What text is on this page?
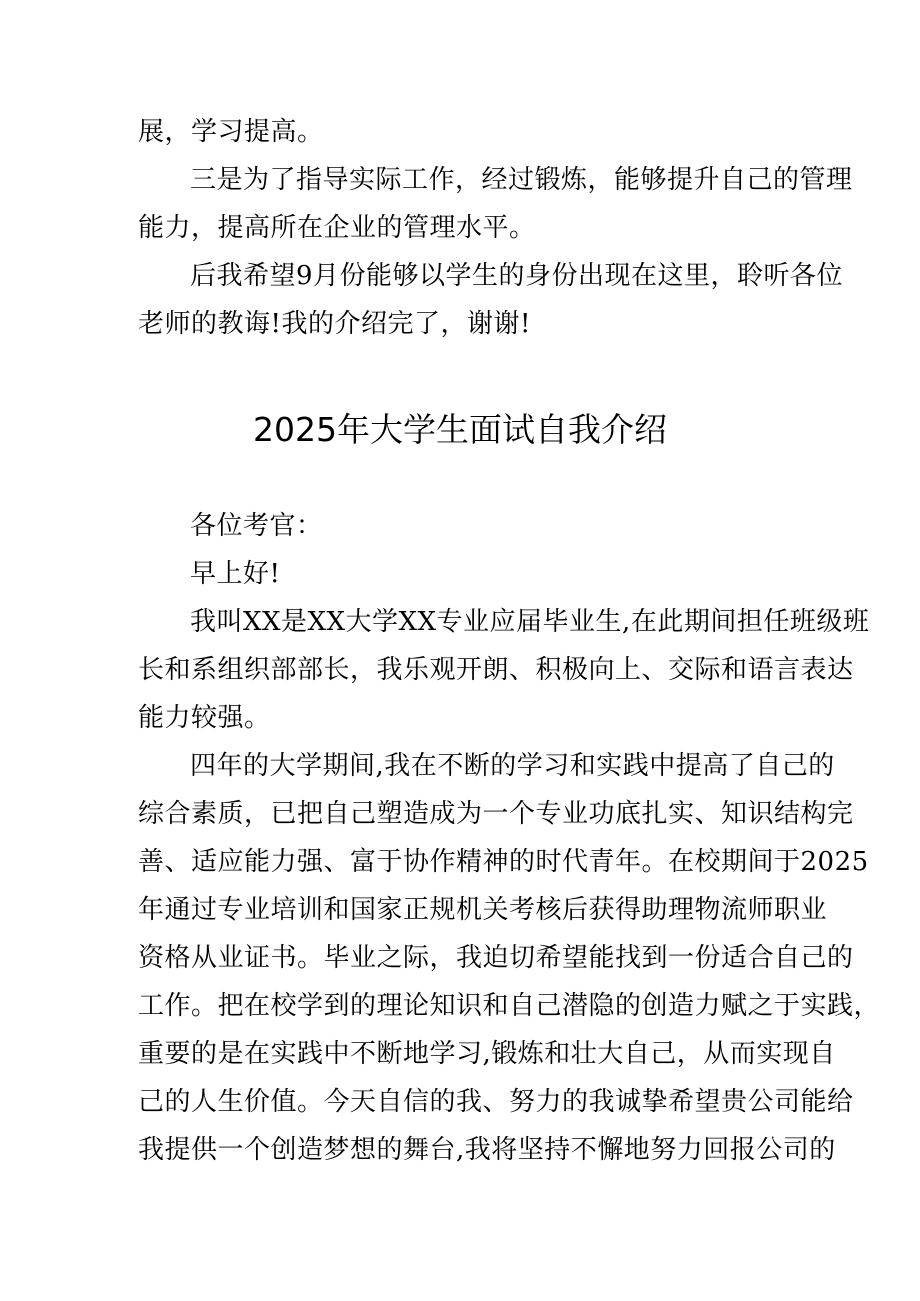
展，学习提高。
三是为了指导实际工作，经过锻炼，能够提升自己的管理
能力，提高所在企业的管理水平。
后我希望9月份能够以学生的身份出现在这里，聆听各位
老师的教诲!我的介绍完了，谢谢!
2025年大学生面试自我介绍
各位考官：
早上好!
我叫XX是XX大学XX专业应届毕业生,在此期间担任班级班
长和系组织部部长，我乐观开朗、积极向上、交际和语言表达
能力较强。
四年的大学期间,我在不断的学习和实践中提高了自己的
综合素质，已把自己塑造成为一个专业功底扎实、知识结构完
善、适应能力强、富于协作精神的时代青年。在校期间于2025
年通过专业培训和国家正规机关考核后获得助理物流师职业
资格从业证书。毕业之际，我迫切希望能找到一份适合自己的
工作。把在校学到的理论知识和自己潜隐的创造力赋之于实践，
重要的是在实践中不断地学习,锻炼和壮大自己，从而实现自
己的人生价值。今天自信的我、努力的我诚挚希望贵公司能给
我提供一个创造梦想的舞台,我将坚持不懈地努力回报公司的
